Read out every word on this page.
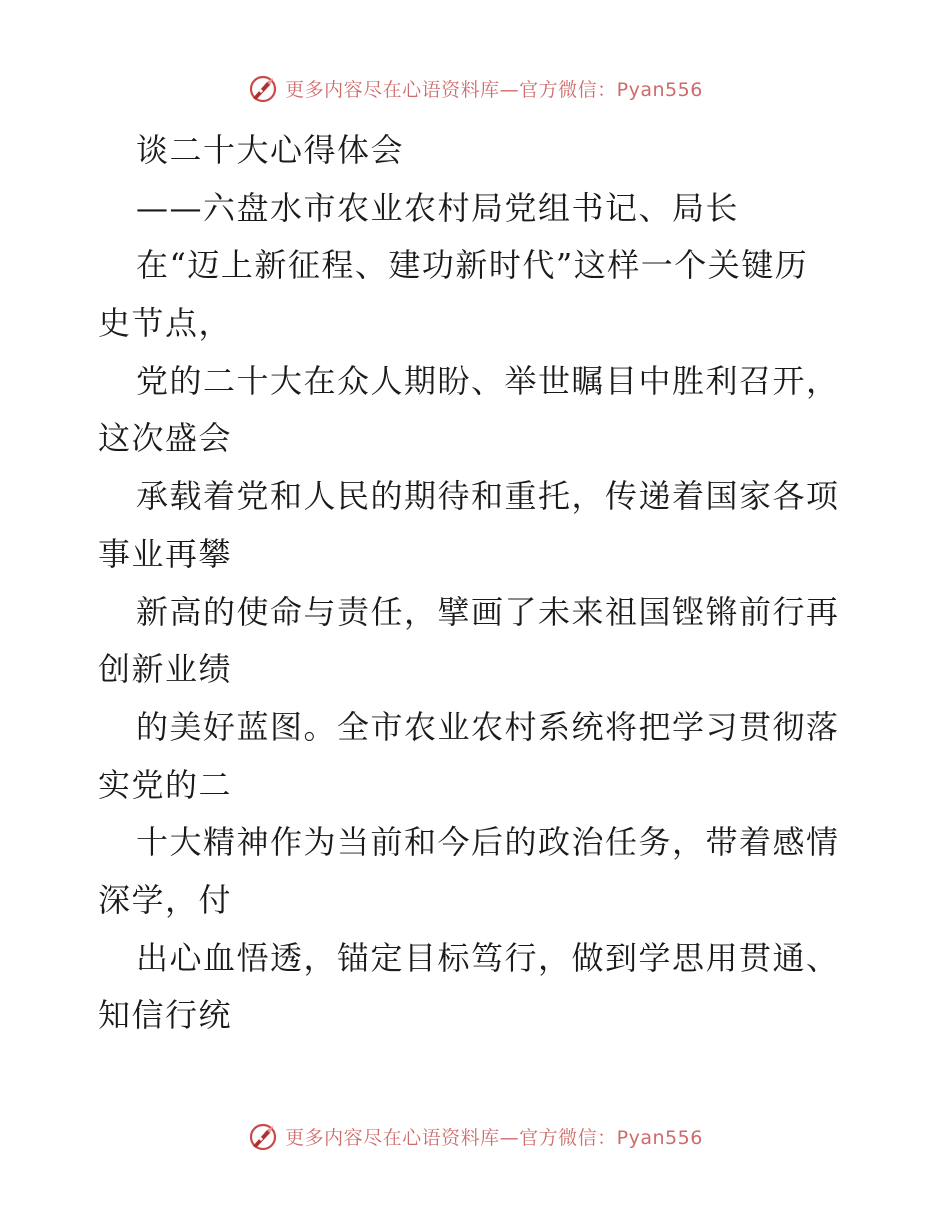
更多内容尽在心语资料库—官方微信：Pyan556
谈二十大心得体会
——六盘水市农业农村局党组书记、局长
在“迈上新征程、建功新时代”这样一个关键历
史节点，
党的二十大在众人期盼、举世瞩目中胜利召开，
这次盛会
承载着党和人民的期待和重托，传递着国家各项
事业再攀
新高的使命与责任，擘画了未来祖国铿锵前行再
创新业绩
的美好蓝图。全市农业农村系统将把学习贯彻落
实党的二
十大精神作为当前和今后的政治任务，带着感情
深学，付
出心血悟透，锚定目标笃行，做到学思用贯通、
知信行统
更多内容尽在心语资料库—官方微信：Pyan556
